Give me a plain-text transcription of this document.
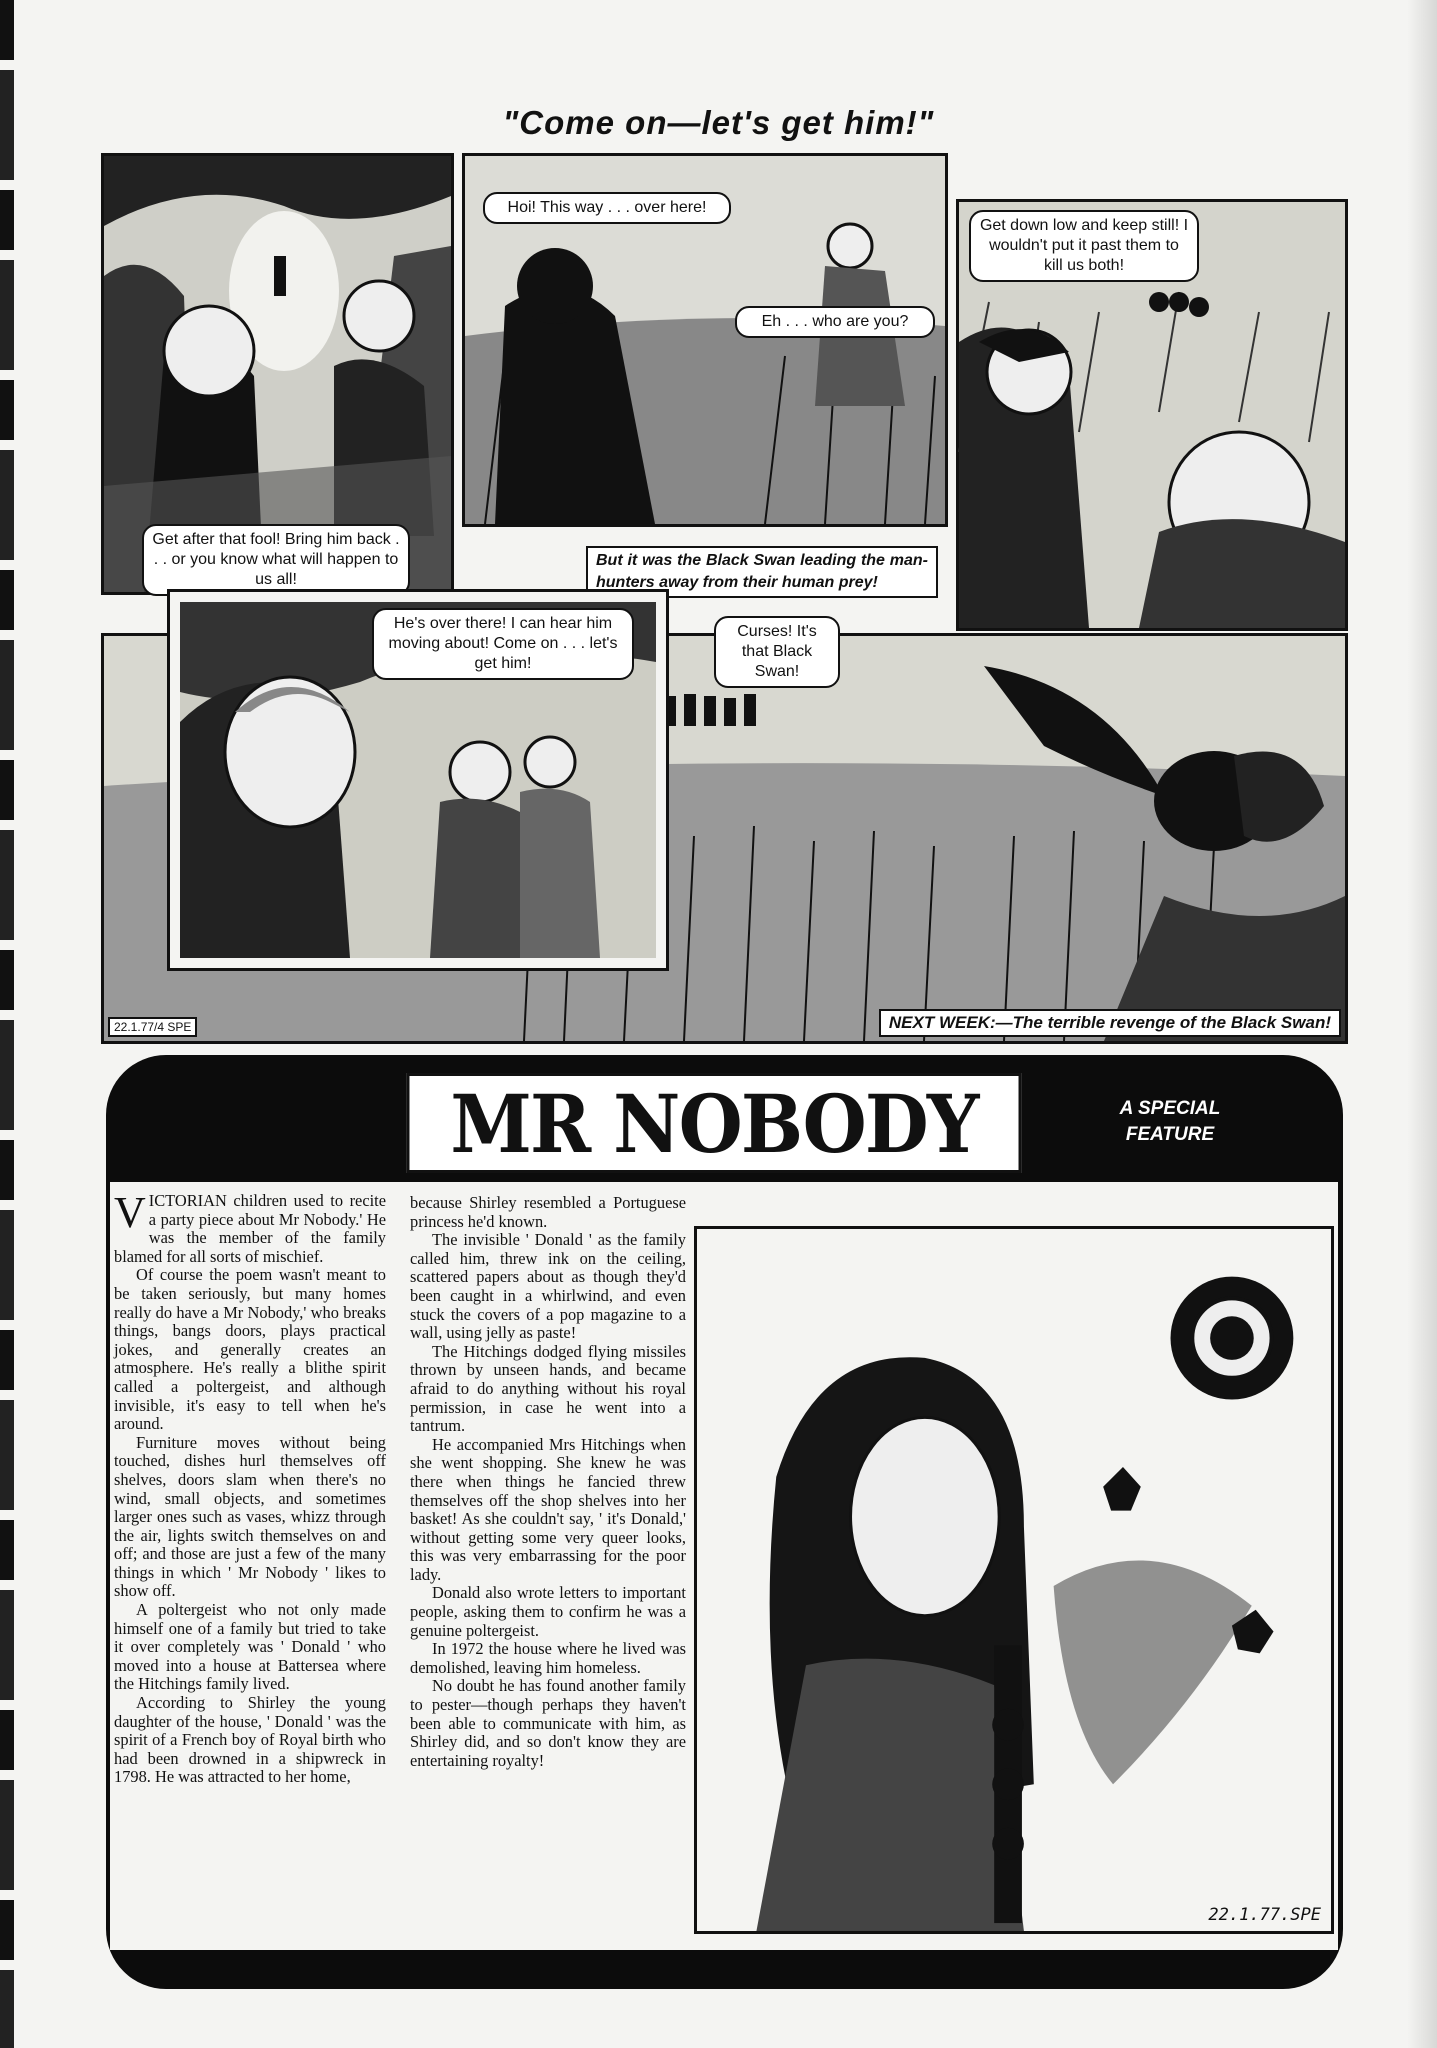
"Come on—let's get him!"
Get after that fool! Bring him back . . . or you know what will happen to us all!
Hoi! This way . . . over here!
Eh . . . who are you?
Get down low and keep still! I wouldn't put it past them to kill us both!
But it was the Black Swan leading the man-hunters away from their human prey!
Curses! It's that Black Swan!
22.1.77/4 SPE	NEXT WEEK:—The terrible revenge of the Black Swan!
He's over there! I can hear him moving about! Come on . . . let's get him!
MR NOBODY	A SPECIAL
FEATURE

VICTORIAN children used to recite a party piece about Mr Nobody.' He was the member of the family blamed for all sorts of mischief.

Of course the poem wasn't meant to be taken seriously, but many homes really do have a Mr Nobody,' who breaks things, bangs doors, plays practical jokes, and generally creates an atmosphere. He's really a blithe spirit called a poltergeist, and although invisible, it's easy to tell when he's around.

Furniture moves without being touched, dishes hurl themselves off shelves, doors slam when there's no wind, small objects, and sometimes larger ones such as vases, whizz through the air, lights switch themselves on and off; and those are just a few of the many things in which ' Mr Nobody ' likes to show off.

A poltergeist who not only made himself one of a family but tried to take it over completely was ' Donald ' who moved into a house at Battersea where the Hitchings family lived.

According to Shirley the young daughter of the house, ' Donald ' was the spirit of a French boy of Royal birth who had been drowned in a shipwreck in 1798. He was attracted to her home,

because Shirley resembled a Portuguese princess he'd known.

The invisible ' Donald ' as the family called him, threw ink on the ceiling, scattered papers about as though they'd been caught in a whirlwind, and even stuck the covers of a pop magazine to a wall, using jelly as paste!

The Hitchings dodged flying missiles thrown by unseen hands, and became afraid to do anything without his royal permission, in case he went into a tantrum.

He accompanied Mrs Hitchings when she went shopping. She knew he was there when things he fancied threw themselves off the shop shelves into her basket! As she couldn't say, ' it's Donald,' without getting some very queer looks, this was very embarrassing for the poor lady.

Donald also wrote letters to important people, asking them to confirm he was a genuine poltergeist.

In 1972 the house where he lived was demolished, leaving him homeless.

No doubt he has found another family to pester—though perhaps they haven't been able to communicate with him, as Shirley did, and so don't know they are entertaining royalty!

22.1.77.SPE
